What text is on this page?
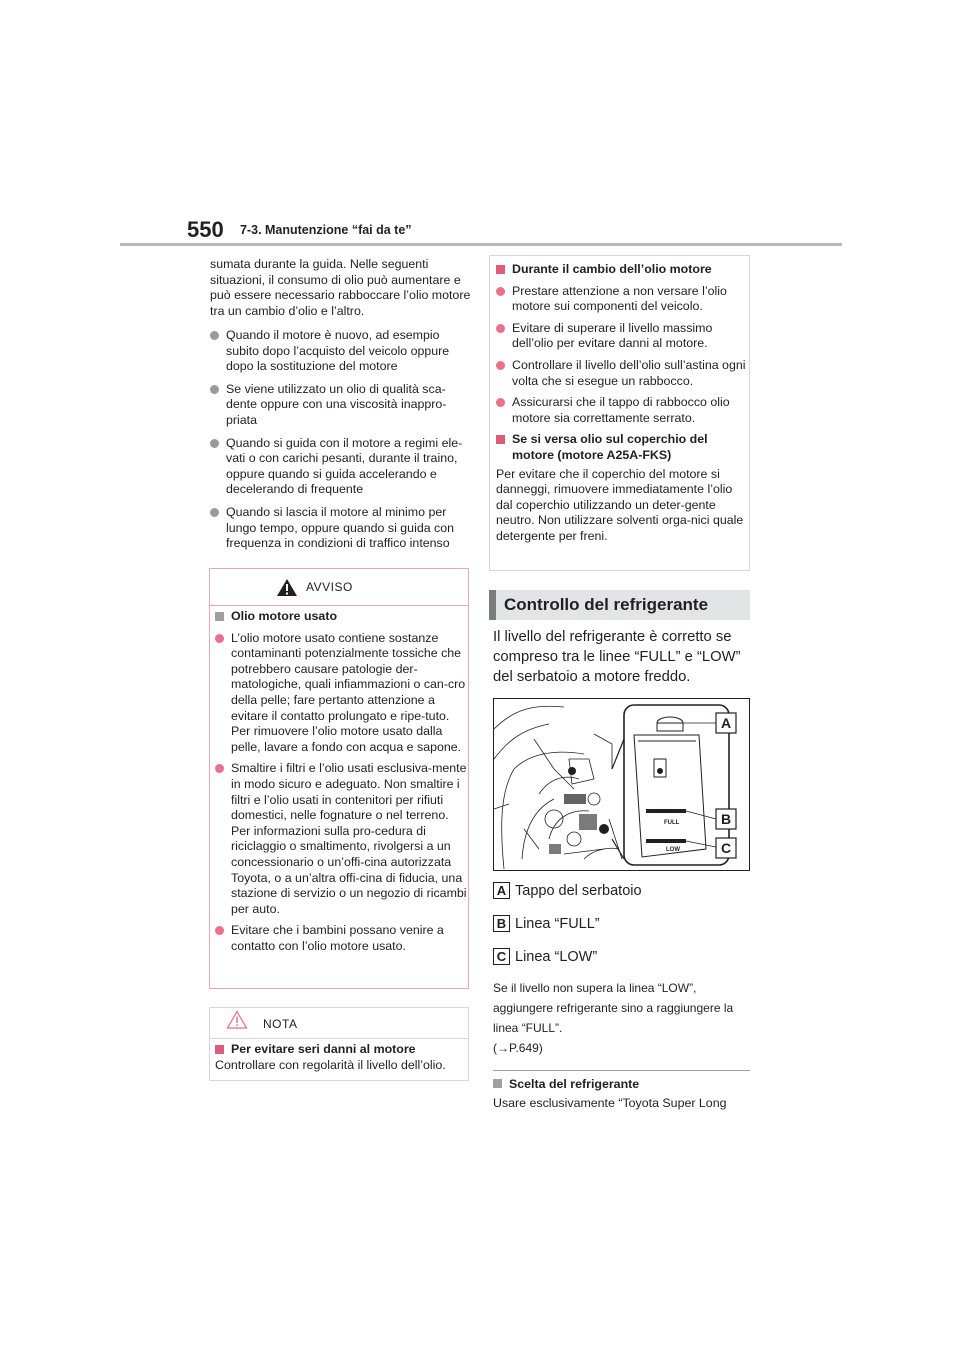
550 7-3. Manutenzione “fai da te”

sumata durante la guida. Nelle seguenti situazioni, il consumo di olio può aumentare e può essere necessario rabboccare l’olio motore tra un cambio d’olio e l’altro.

Quando il motore è nuovo, ad esempio subito dopo l’acquisto del veicolo oppure dopo la sostituzione del motore
Se viene utilizzato un olio di qualità sca-dente oppure con una viscosità inappro-priata
Quando si guida con il motore a regimi ele-vati o con carichi pesanti, durante il traino, oppure quando si guida accelerando e decelerando di frequente
Quando si lascia il motore al minimo per lungo tempo, oppure quando si guida con frequenza in condizioni di traffico intenso
AVVISO
Olio motore usato
L’olio motore usato contiene sostanze contaminanti potenzialmente tossiche che potrebbero causare patologie der-matologiche, quali infiammazioni o can-cro della pelle; fare pertanto attenzione a evitare il contatto prolungato e ripe-tuto. Per rimuovere l’olio motore usato dalla pelle, lavare a fondo con acqua e sapone.
Smaltire i filtri e l’olio usati esclusiva-mente in modo sicuro e adeguato. Non smaltire i filtri e l’olio usati in contenitori per rifiuti domestici, nelle fognature o nel terreno. Per informazioni sulla pro-cedura di riciclaggio o smaltimento, rivolgersi a un concessionario o un’offi-cina autorizzata Toyota, o a un’altra offi-cina di fiducia, una stazione di servizio o un negozio di ricambi per auto.
Evitare che i bambini possano venire a contatto con l’olio motore usato.
NOTA
Per evitare seri danni al motore

Controllare con regolarità il livello dell’olio.

Durante il cambio dell’olio motore
Prestare attenzione a non versare l’olio motore sui componenti del veicolo.
Evitare di superare il livello massimo dell’olio per evitare danni al motore.
Controllare il livello dell’olio sull’astina ogni volta che si esegue un rabbocco.
Assicurarsi che il tappo di rabbocco olio motore sia correttamente serrato.
Se si versa olio sul coperchio del motore (motore A25A-FKS)

Per evitare che il coperchio del motore si danneggi, rimuovere immediatamente l’olio dal coperchio utilizzando un deter-gente neutro. Non utilizzare solventi orga-nici quale detergente per freni.

Controllo del refrigerante
Il livello del refrigerante è corretto se compreso tra le linee “FULL” e “LOW” del serbatoio a motore freddo.
FULL
LOW
A
B
C
A Tappo del serbatoio
B Linea “FULL”
C Linea “LOW”
Se il livello non supera la linea “LOW”, aggiungere refrigerante sino a raggiungere la linea “FULL”.
(→P.649)
Scelta del refrigerante

Usare esclusivamente “Toyota Super Long
